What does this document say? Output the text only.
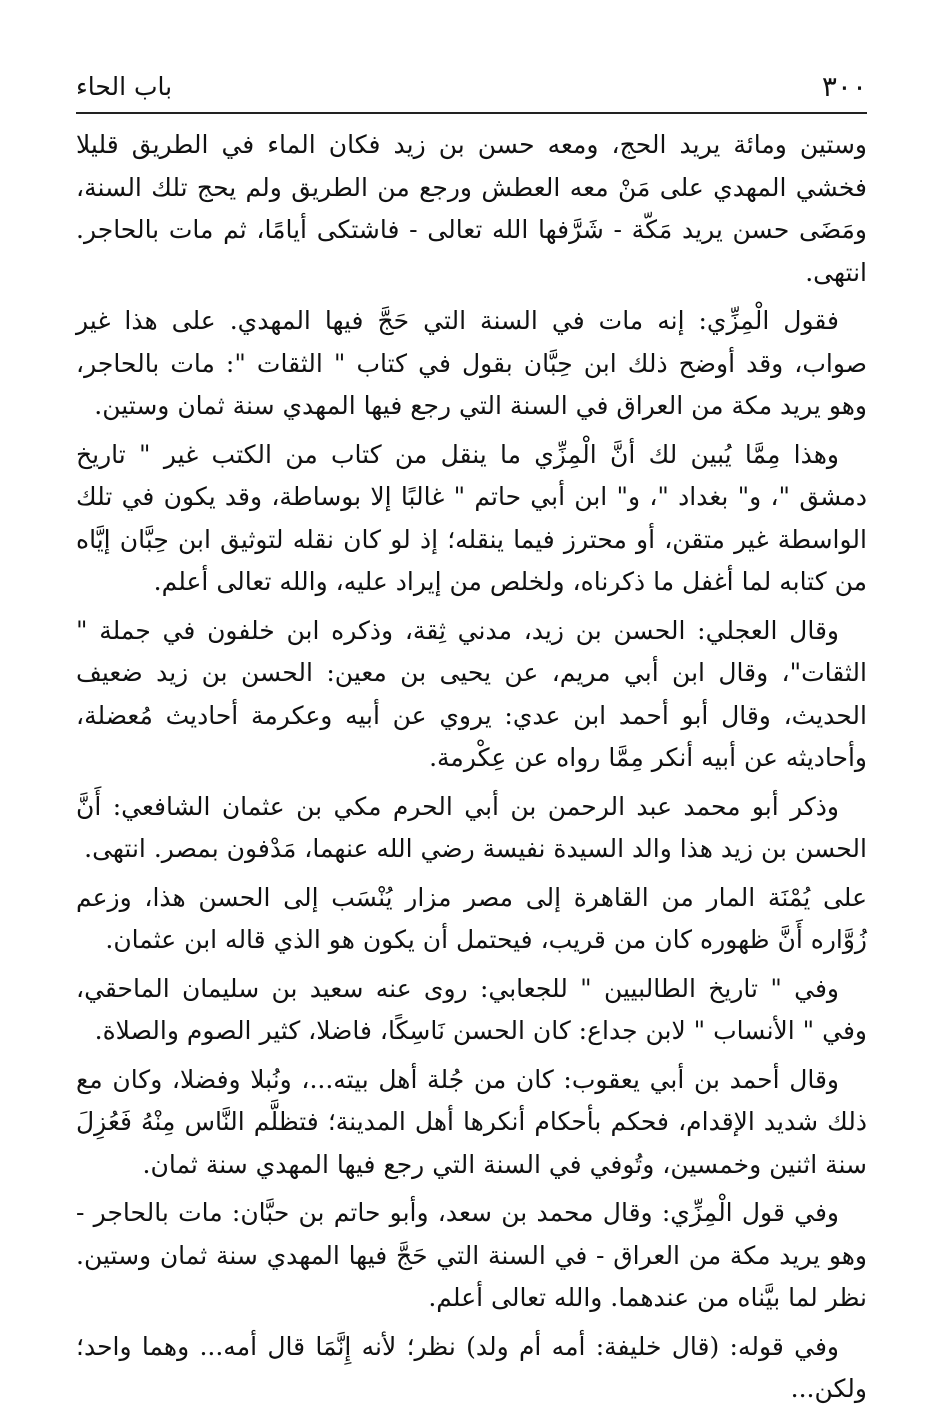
٣٠٠
باب الحاء

وستين ومائة يريد الحج، ومعه حسن بن زيد فكان الماء في الطريق قليلا فخشي المهدي على مَنْ معه العطش ورجع من الطريق ولم يحج تلك السنة، ومَضَى حسن يريد مَكّة - شَرَّفها الله تعالى - فاشتكى أيامًا، ثم مات بالحاجر. انتهى.

فقول الْمِزِّي: إنه مات في السنة التي حَجَّ فيها المهدي. على هذا غير صواب، وقد أوضح ذلك ابن حِبَّان بقول في كتاب " الثقات ": مات بالحاجر، وهو يريد مكة من العراق في السنة التي رجع فيها المهدي سنة ثمان وستين.

وهذا مِمَّا يُبين لك أنَّ الْمِزِّي ما ينقل من كتاب من الكتب غير " تاريخ دمشق "، و" بغداد "، و" ابن أبي حاتم " غالبًا إلا بوساطة، وقد يكون في تلك الواسطة غير متقن، أو محترز فيما ينقله؛ إذ لو كان نقله لتوثيق ابن حِبَّان إيَّاه من كتابه لما أغفل ما ذكرناه، ولخلص من إيراد عليه، والله تعالى أعلم.

وقال العجلي: الحسن بن زيد، مدني ثِقة، وذكره ابن خلفون في جملة " الثقات"، وقال ابن أبي مريم، عن يحيى بن معين: الحسن بن زيد ضعيف الحديث، وقال أبو أحمد ابن عدي: يروي عن أبيه وعكرمة أحاديث مُعضلة، وأحاديثه عن أبيه أنكر مِمَّا رواه عن عِكْرمة.

وذكر أبو محمد عبد الرحمن بن أبي الحرم مكي بن عثمان الشافعي: أَنَّ الحسن بن زيد هذا والد السيدة نفيسة رضي الله عنهما، مَدْفون بمصر. انتهى.

على يُمْنَة المار من القاهرة إلى مصر مزار يُنْسَب إلى الحسن هذا، وزعم زُوَّاره أَنَّ ظهوره كان من قريب، فيحتمل أن يكون هو الذي قاله ابن عثمان.

وفي " تاريخ الطالبيين " للجعابي: روى عنه سعيد بن سليمان الماحقي، وفي " الأنساب " لابن جداع: كان الحسن نَاسِكًا، فاضلا، كثير الصوم والصلاة.

وقال أحمد بن أبي يعقوب: كان من جُلة أهل بيته...، ونُبلا وفضلا، وكان مع ذلك شديد الإقدام، فحكم بأحكام أنكرها أهل المدينة؛ فتظلَّم النَّاس مِنْهُ فَعُزِلَ سنة اثنين وخمسين، وتُوفي في السنة التي رجع فيها المهدي سنة ثمان.

وفي قول الْمِزِّي: وقال محمد بن سعد، وأبو حاتم بن حبَّان: مات بالحاجر - وهو يريد مكة من العراق - في السنة التي حَجَّ فيها المهدي سنة ثمان وستين. نظر لما بيَّناه من عندهما. والله تعالى أعلم.

وفي قوله: (قال خليفة: أمه أم ولد) نظر؛ لأنه إِنَّمَا قال أمه... وهما واحد؛ ولكن...
